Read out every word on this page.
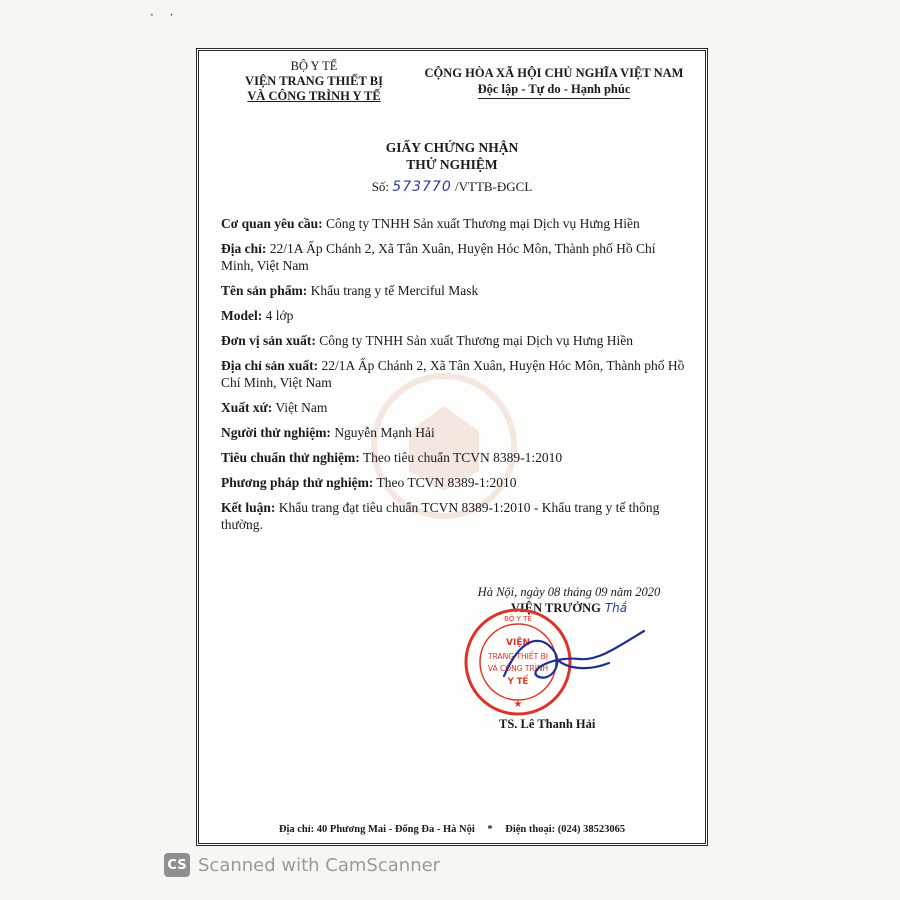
· ·
BỘ Y TẾ
VIỆN TRANG THIẾT BỊ
VÀ CÔNG TRÌNH Y TẾ
CỘNG HÒA XÃ HỘI CHỦ NGHĨA VIỆT NAM
Độc lập - Tự do - Hạnh phúc
GIẤY CHỨNG NHẬN
THỬ NGHIỆM
Số: 573770 /VTTB-ĐGCL
Cơ quan yêu cầu: Công ty TNHH Sản xuất Thương mại Dịch vụ Hưng Hiền
Địa chỉ: 22/1A Ấp Chánh 2, Xã Tân Xuân, Huyện Hóc Môn, Thành phố Hồ Chí Minh, Việt Nam
Tên sản phẩm: Khẩu trang y tế Merciful Mask
Model: 4 lớp
Đơn vị sản xuất: Công ty TNHH Sản xuất Thương mại Dịch vụ Hưng Hiền
Địa chỉ sản xuất: 22/1A Ấp Chánh 2, Xã Tân Xuân, Huyện Hóc Môn, Thành phố Hồ Chí Minh, Việt Nam
Xuất xứ: Việt Nam
Người thử nghiệm: Nguyễn Mạnh Hải
Tiêu chuẩn thử nghiệm: Theo tiêu chuẩn TCVN 8389-1:2010
Phương pháp thử nghiệm: Theo TCVN 8389-1:2010
Kết luận: Khẩu trang đạt tiêu chuẩn TCVN 8389-1:2010 - Khẩu trang y tế thông thường.
Hà Nội, ngày 08 tháng 09 năm 2020
VIỆN TRƯỞNG Thắ
TS. Lê Thanh Hải
BỘ Y TẾ
VIỆN
TRANG THIẾT BỊ
VÀ CÔNG TRÌNH
Y TẾ
★
Địa chỉ: 40 Phương Mai - Đống Đa - Hà Nội * Điện thoại: (024) 38523065
CS Scanned with CamScanner
